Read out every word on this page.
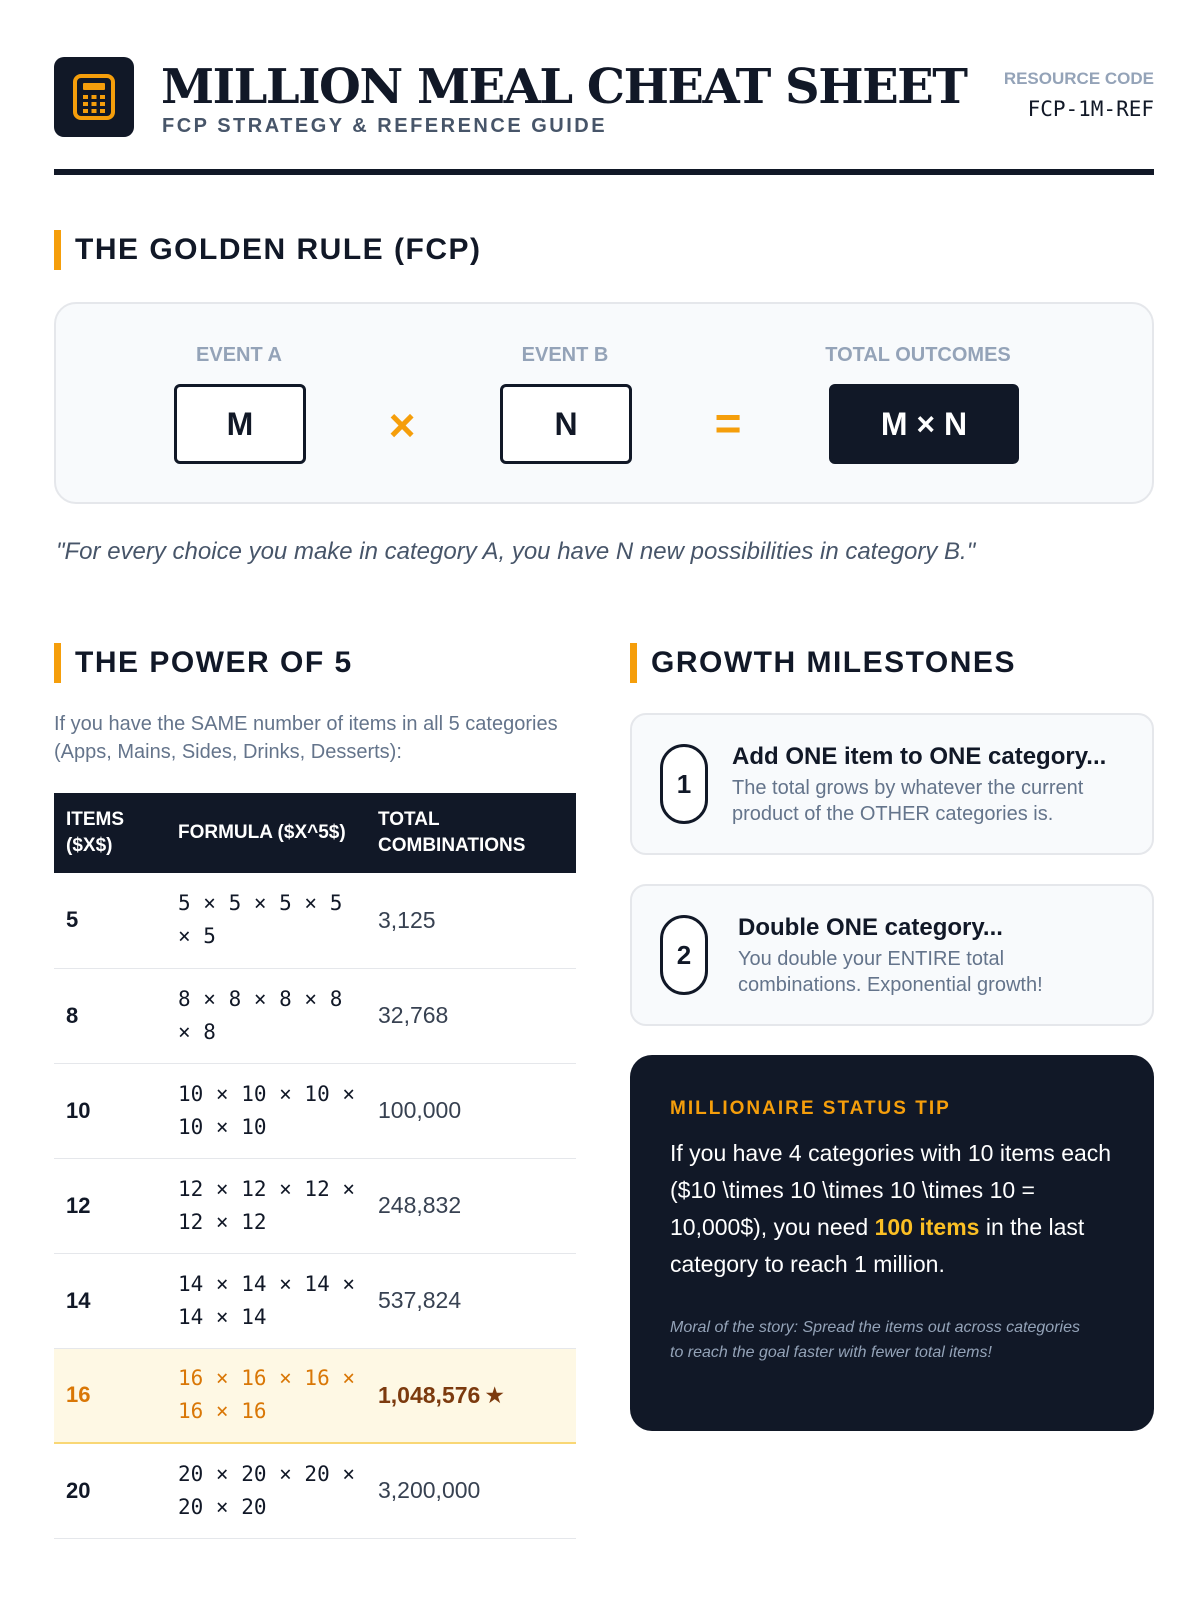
MILLION MEAL CHEAT SHEET
FCP STRATEGY & REFERENCE GUIDE
RESOURCE CODE
FCP-1M-REF
THE GOLDEN RULE (FCP)
EVENT A
M	×
EVENT B
N	=
TOTAL OUTCOMES
M × N
"For every choice you make in category A, you have N new possibilities in category B."
THE POWER OF 5
If you have the SAME number of items in all 5 categories (Apps, Mains, Sides, Drinks, Desserts):
ITEMS ($X$)	FORMULA ($X^5$)	TOTAL COMBINATIONS
5	5 × 5 × 5 × 5 × 5	3,125
8	8 × 8 × 8 × 8 × 8	32,768
10	10 × 10 × 10 × 10 × 10	100,000
12	12 × 12 × 12 × 12 × 12	248,832
14	14 × 14 × 14 × 14 × 14	537,824
16	16 × 16 × 16 × 16 × 16	1,048,576 ★
20	20 × 20 × 20 × 20 × 20	3,200,000
GROWTH MILESTONES
1
Add ONE item to ONE category...
The total grows by whatever the current product of the OTHER categories is.
2
Double ONE category...
You double your ENTIRE total combinations. Exponential growth!
MILLIONAIRE STATUS TIP
If you have 4 categories with 10 items each ($10 \times 10 \times 10 \times 10 = 10,000$), you need 100 items in the last category to reach 1 million.
Moral of the story: Spread the items out across categories to reach the goal faster with fewer total items!
